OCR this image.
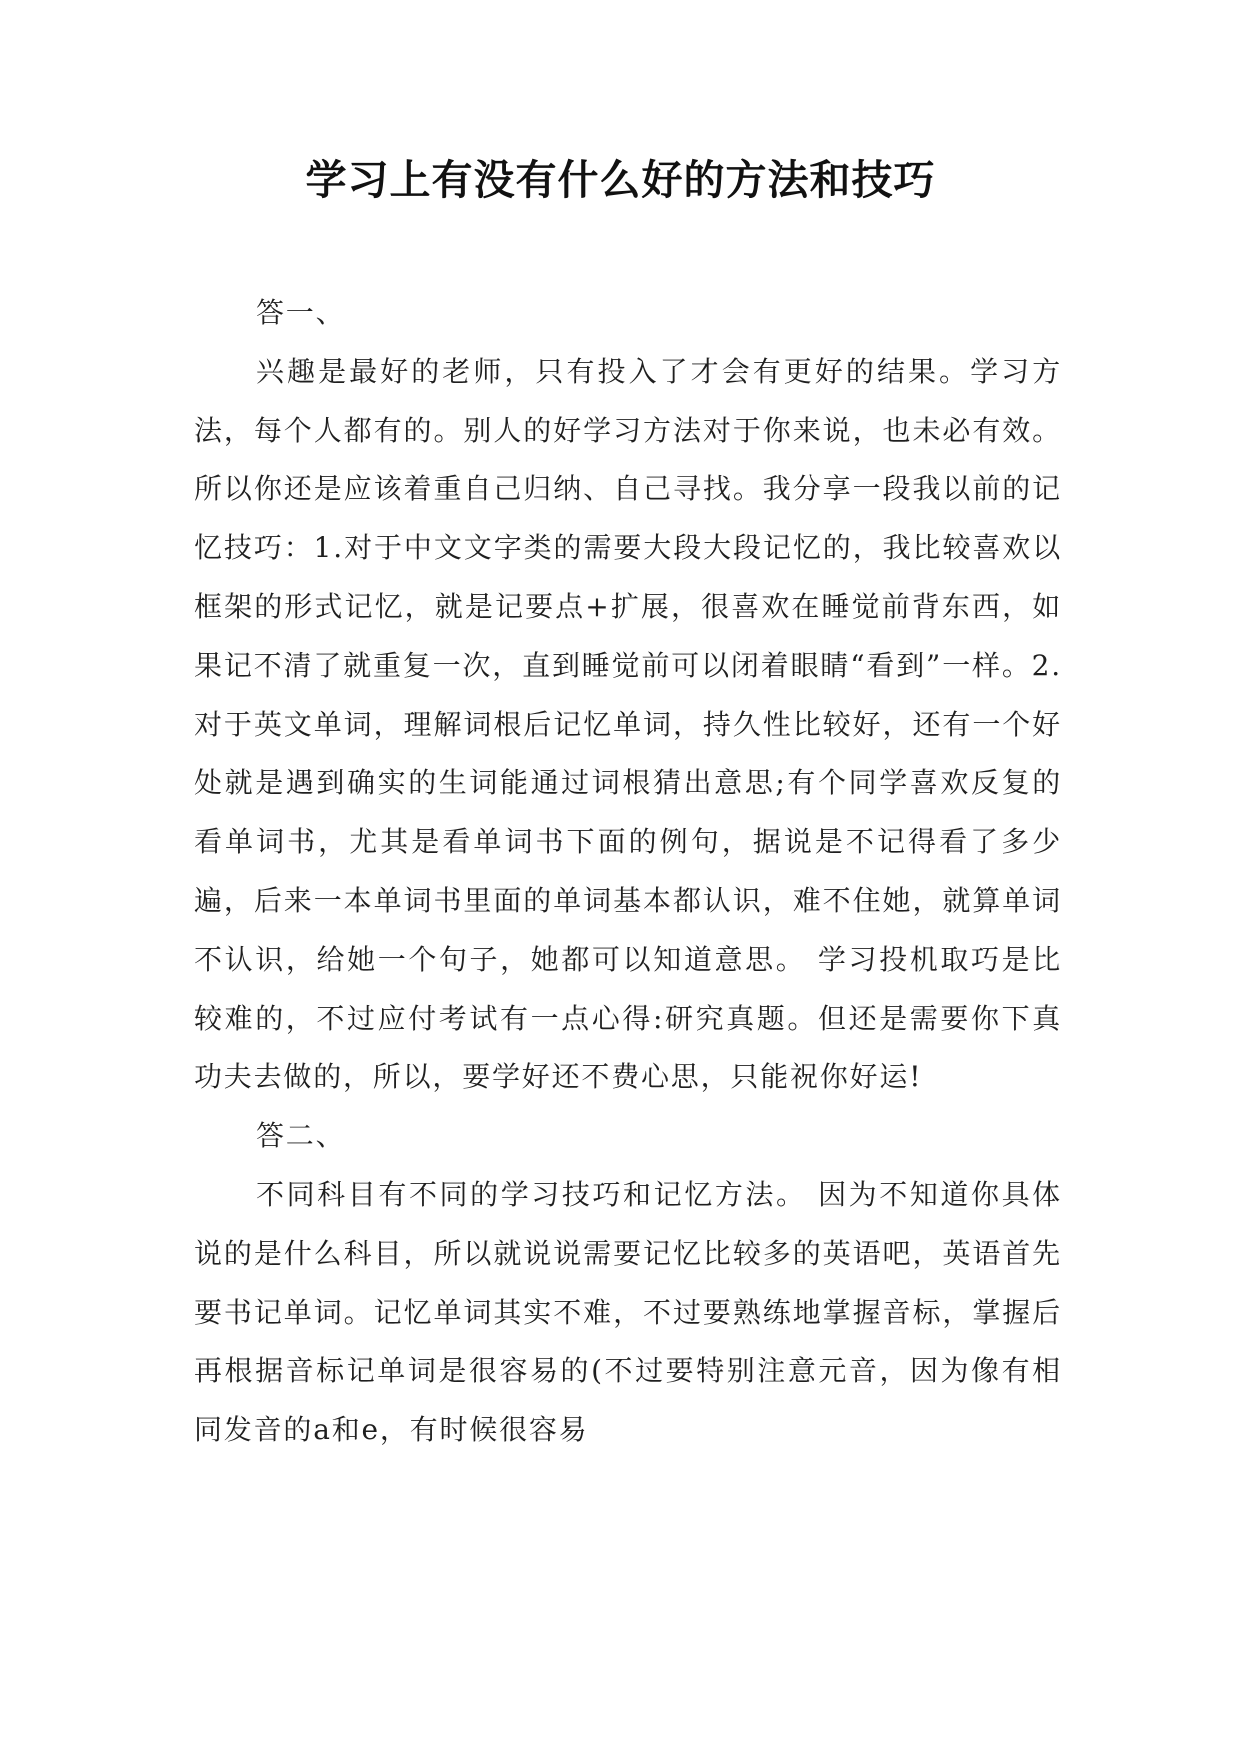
学习上有没有什么好的方法和技巧

答一、

兴趣是最好的老师，只有投入了才会有更好的结果。学习方法，每个人都有的。别人的好学习方法对于你来说，也未必有效。所以你还是应该着重自己归纳、自己寻找。我分享一段我以前的记忆技巧：1.对于中文文字类的需要大段大段记忆的，我比较喜欢以框架的形式记忆，就是记要点+扩展，很喜欢在睡觉前背东西，如果记不清了就重复一次，直到睡觉前可以闭着眼睛“看到”一样。2.对于英文单词，理解词根后记忆单词，持久性比较好，还有一个好处就是遇到确实的生词能通过词根猜出意思;有个同学喜欢反复的看单词书，尤其是看单词书下面的例句，据说是不记得看了多少遍，后来一本单词书里面的单词基本都认识，难不住她，就算单词不认识，给她一个句子，她都可以知道意思。 学习投机取巧是比较难的，不过应付考试有一点心得:研究真题。但还是需要你下真功夫去做的，所以，要学好还不费心思，只能祝你好运!

答二、

不同科目有不同的学习技巧和记忆方法。 因为不知道你具体说的是什么科目，所以就说说需要记忆比较多的英语吧，英语首先要书记单词。记忆单词其实不难，不过要熟练地掌握音标，掌握后再根据音标记单词是很容易的(不过要特别注意元音，因为像有相同发音的a和e，有时候很容易
